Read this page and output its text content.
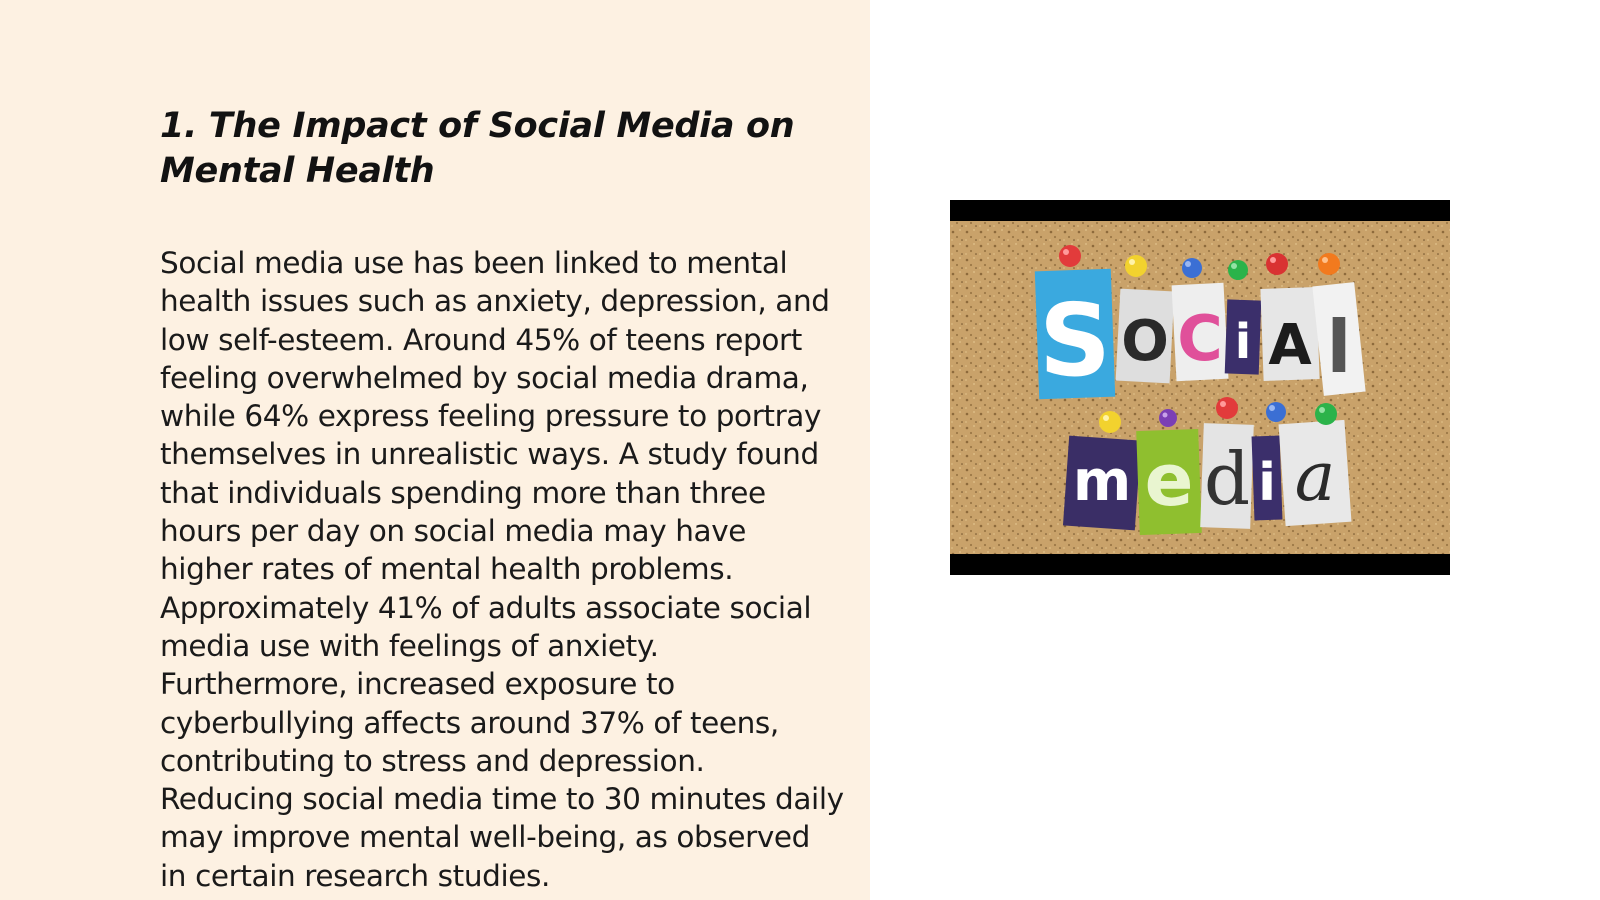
1. The Impact of Social Media on Mental Health

Social media use has been linked to mental health issues such as anxiety, depression, and low self-esteem. Around 45% of teens report feeling overwhelmed by social media drama, while 64% express feeling pressure to portray themselves in unrealistic ways. A study found that individuals spending more than three hours per day on social media may have higher rates of mental health problems. Approximately 41% of adults associate social media use with feelings of anxiety. Furthermore, increased exposure to cyberbullying affects around 37% of teens, contributing to stress and depression. Reducing social media time to 30 minutes daily may improve mental well-being, as observed in certain research studies.

S O C i A l
m e d i a
